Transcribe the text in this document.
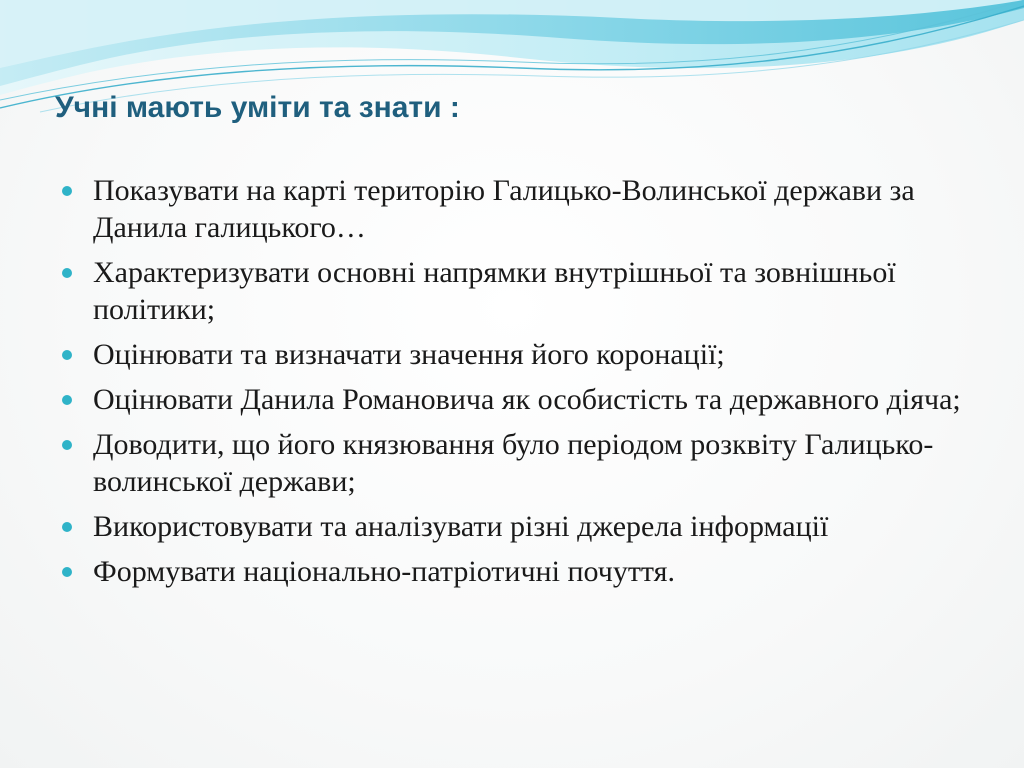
Учні мають уміти та знати :
Показувати на карті територію Галицько-Волинської держави за Данила галицького…
Характеризувати основні напрямки внутрішньої та зовнішньої політики;
Оцінювати та визначати значення його коронації;
Оцінювати Данила Романовича як особистість та державного діяча;
Доводити, що його князювання було періодом розквіту Галицько-волинської держави;
Використовувати та аналізувати різні джерела інформації
Формувати національно-патріотичні почуття.
